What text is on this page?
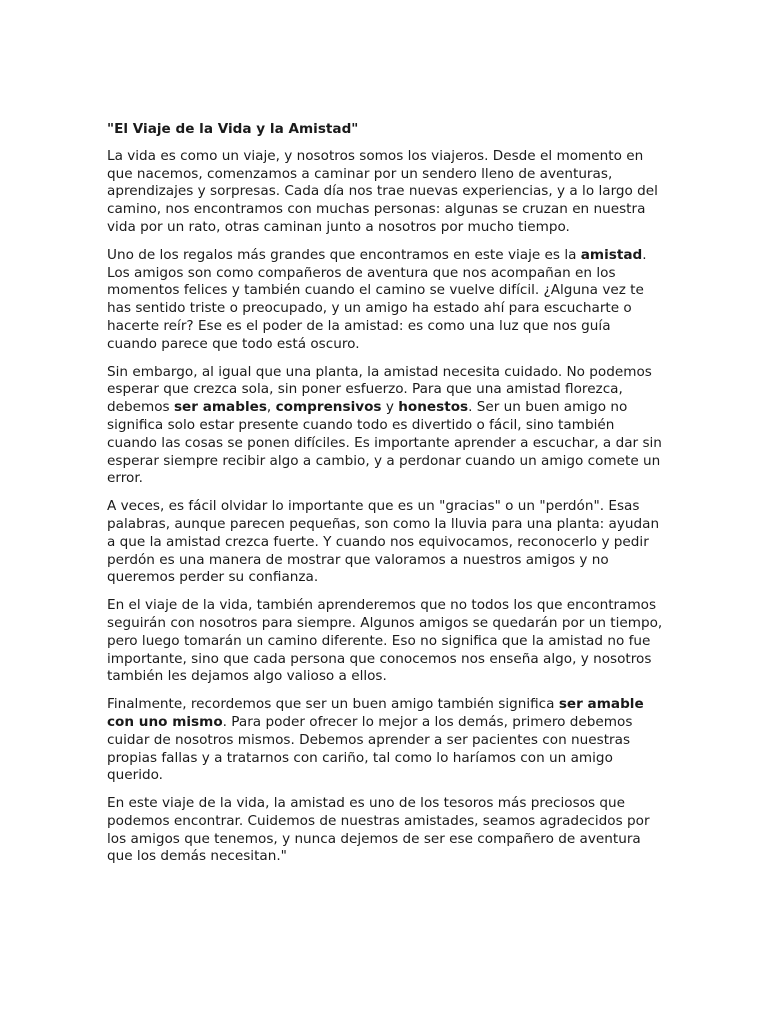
"El Viaje de la Vida y la Amistad"
La vida es como un viaje, y nosotros somos los viajeros. Desde el momento en que nacemos, comenzamos a caminar por un sendero lleno de aventuras, aprendizajes y sorpresas. Cada día nos trae nuevas experiencias, y a lo largo del camino, nos encontramos con muchas personas: algunas se cruzan en nuestra vida por un rato, otras caminan junto a nosotros por mucho tiempo.
Uno de los regalos más grandes que encontramos en este viaje es la amistad. Los amigos son como compañeros de aventura que nos acompañan en los momentos felices y también cuando el camino se vuelve difícil. ¿Alguna vez te has sentido triste o preocupado, y un amigo ha estado ahí para escucharte o hacerte reír? Ese es el poder de la amistad: es como una luz que nos guía cuando parece que todo está oscuro.
Sin embargo, al igual que una planta, la amistad necesita cuidado. No podemos esperar que crezca sola, sin poner esfuerzo. Para que una amistad florezca, debemos ser amables, comprensivos y honestos. Ser un buen amigo no significa solo estar presente cuando todo es divertido o fácil, sino también cuando las cosas se ponen difíciles. Es importante aprender a escuchar, a dar sin esperar siempre recibir algo a cambio, y a perdonar cuando un amigo comete un error.
A veces, es fácil olvidar lo importante que es un "gracias" o un "perdón". Esas palabras, aunque parecen pequeñas, son como la lluvia para una planta: ayudan a que la amistad crezca fuerte. Y cuando nos equivocamos, reconocerlo y pedir perdón es una manera de mostrar que valoramos a nuestros amigos y no queremos perder su confianza.
En el viaje de la vida, también aprenderemos que no todos los que encontramos seguirán con nosotros para siempre. Algunos amigos se quedarán por un tiempo, pero luego tomarán un camino diferente. Eso no significa que la amistad no fue importante, sino que cada persona que conocemos nos enseña algo, y nosotros también les dejamos algo valioso a ellos.
Finalmente, recordemos que ser un buen amigo también significa ser amable con uno mismo. Para poder ofrecer lo mejor a los demás, primero debemos cuidar de nosotros mismos. Debemos aprender a ser pacientes con nuestras propias fallas y a tratarnos con cariño, tal como lo haríamos con un amigo querido.
En este viaje de la vida, la amistad es uno de los tesoros más preciosos que podemos encontrar. Cuidemos de nuestras amistades, seamos agradecidos por los amigos que tenemos, y nunca dejemos de ser ese compañero de aventura que los demás necesitan."
